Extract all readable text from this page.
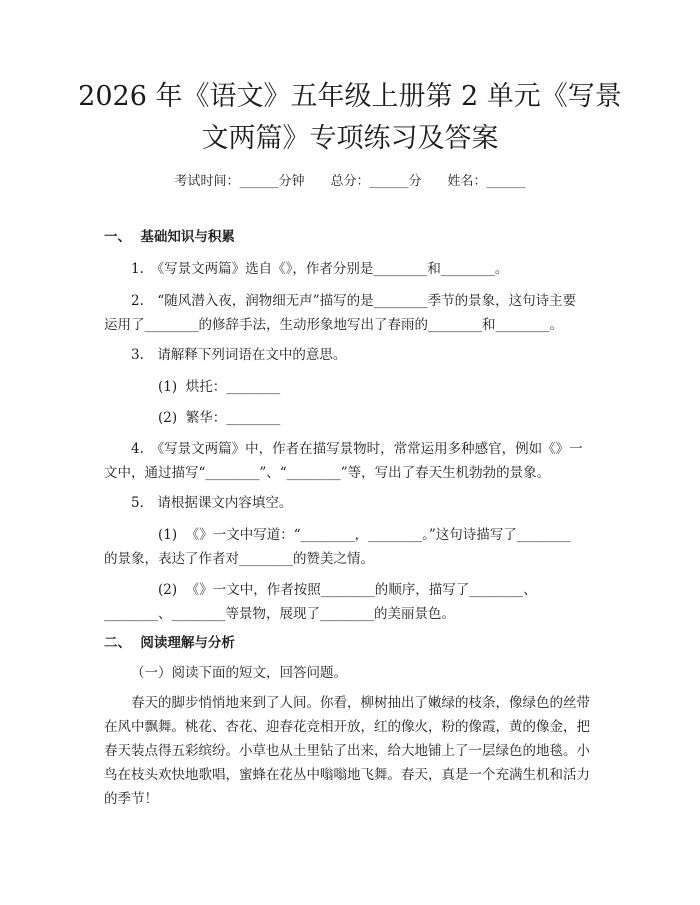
2026 年《语文》五年级上册第 2 单元《写景
文两篇》专项练习及答案
考试时间：______分钟　　总分：______分　　姓名：______
一、  基础知识与积累
1.　《写景文两篇》选自《》，作者分别是________和________。
2.　“随风潜入夜，润物细无声”描写的是________季节的景象，这句诗主要
运用了________的修辞手法，生动形象地写出了春雨的________和________。
3.　请解释下列词语在文中的意思。
(1)  烘托：________
(2)  繁华：________
4.　《写景文两篇》中，作者在描写景物时，常常运用多种感官，例如《》一
文中，通过描写“________”、“________”等，写出了春天生机勃勃的景象。
5.　请根据课文内容填空。
(1)  《》一文中写道：“________，________。”这句诗描写了________
的景象，表达了作者对________的赞美之情。
(2)  《》一文中，作者按照________的顺序，描写了________、
________、________等景物，展现了________的美丽景色。
二、  阅读理解与分析
（一）阅读下面的短文，回答问题。
春天的脚步悄悄地来到了人间。你看，柳树抽出了嫩绿的枝条，像绿色的丝带
在风中飘舞。桃花、杏花、迎春花竞相开放，红的像火，粉的像霞，黄的像金，把
春天装点得五彩缤纷。小草也从土里钻了出来，给大地铺上了一层绿色的地毯。小
鸟在枝头欢快地歌唱，蜜蜂在花丛中嗡嗡地飞舞。春天，真是一个充满生机和活力
的季节！
